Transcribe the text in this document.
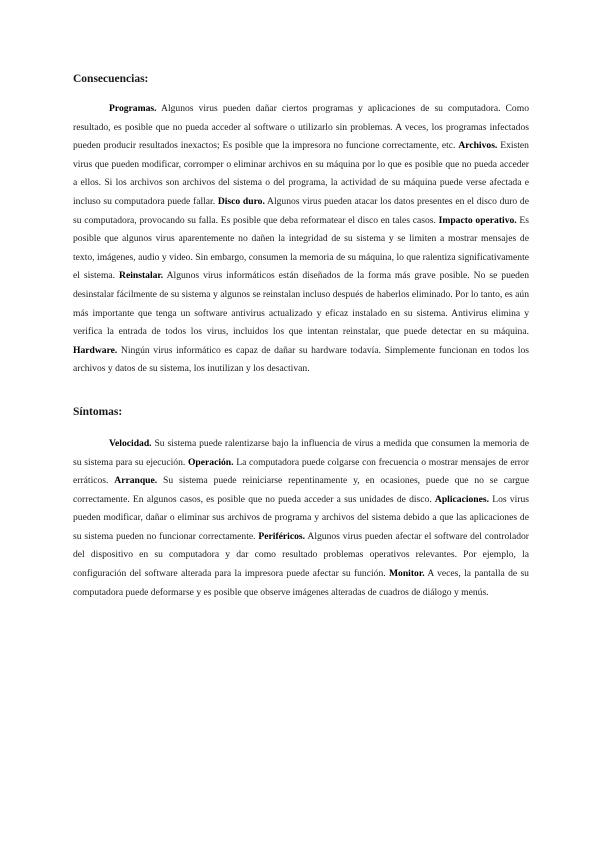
Consecuencias:

Programas. Algunos virus pueden dañar ciertos programas y aplicaciones de su computadora. Como resultado, es posible que no pueda acceder al software o utilizarlo sin problemas. A veces, los programas infectados pueden producir resultados inexactos; Es posible que la impresora no funcione correctamente, etc. Archivos. Existen virus que pueden modificar, corromper o eliminar archivos en su máquina por lo que es posible que no pueda acceder a ellos. Si los archivos son archivos del sistema o del programa, la actividad de su máquina puede verse afectada e incluso su computadora puede fallar. Disco duro. Algunos virus pueden atacar los datos presentes en el disco duro de su computadora, provocando su falla. Es posible que deba reformatear el disco en tales casos. Impacto operativo. Es posible que algunos virus aparentemente no dañen la integridad de su sistema y se limiten a mostrar mensajes de texto, imágenes, audio y video. Sin embargo, consumen la memoria de su máquina, lo que ralentiza significativamente el sistema. Reinstalar. Algunos virus informáticos están diseñados de la forma más grave posible. No se pueden desinstalar fácilmente de su sistema y algunos se reinstalan incluso después de haberlos eliminado. Por lo tanto, es aún más importante que tenga un software antivirus actualizado y eficaz instalado en su sistema. Antivirus elimina y verifica la entrada de todos los virus, incluidos los que intentan reinstalar, que puede detectar en su máquina. Hardware. Ningún virus informático es capaz de dañar su hardware todavía. Simplemente funcionan en todos los archivos y datos de su sistema, los inutilizan y los desactivan.

Síntomas:

Velocidad. Su sistema puede ralentizarse bajo la influencia de virus a medida que consumen la memoria de su sistema para su ejecución. Operación. La computadora puede colgarse con frecuencia o mostrar mensajes de error erráticos. Arranque. Su sistema puede reiniciarse repentinamente y, en ocasiones, puede que no se cargue correctamente. En algunos casos, es posible que no pueda acceder a sus unidades de disco. Aplicaciones. Los virus pueden modificar, dañar o eliminar sus archivos de programa y archivos del sistema debido a que las aplicaciones de su sistema pueden no funcionar correctamente. Periféricos. Algunos virus pueden afectar el software del controlador del dispositivo en su computadora y dar como resultado problemas operativos relevantes. Por ejemplo, la configuración del software alterada para la impresora puede afectar su función. Monitor. A veces, la pantalla de su computadora puede deformarse y es posible que observe imágenes alteradas de cuadros de diálogo y menús.
